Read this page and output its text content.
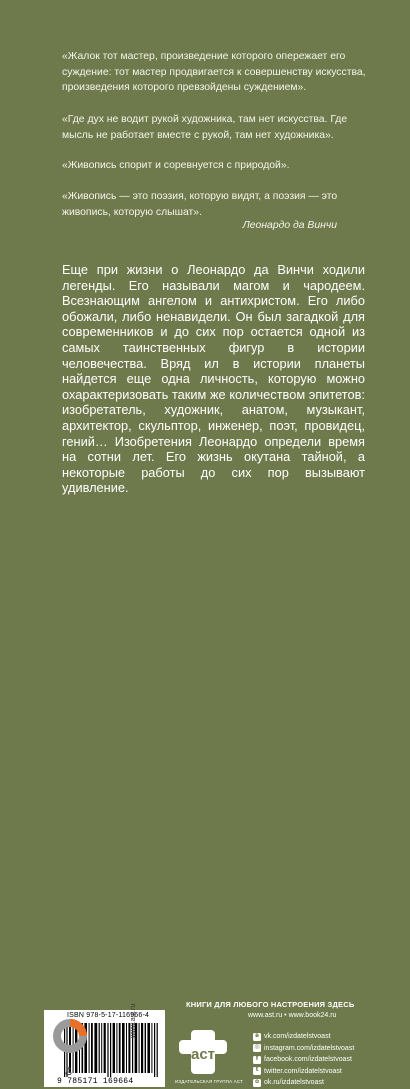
«Жалок тот мастер, произведение которого опережает его суждение: тот мастер продвигается к совершенству искусства, произведения которого превзойдены суждением».

«Где дух не водит рукой художника, там нет искусства. Где мысль не работает вместе с рукой, там нет художника».

«Живопись спорит и соревнуется с природой».

«Живопись — это поэзия, которую видят, а поэзия — это живопись, которую слышат».

Леонардо да Винчи

Еще при жизни о Леонардо да Винчи ходили легенды. Его называли магом и чародеем. Всезнающим ангелом и антихристом. Его либо обожали, либо ненавидели. Он был загадкой для современников и до сих пор остается одной из самых таинственных фигур в истории человечества. Вряд ил в истории планеты найдется еще одна личность, которую можно охарактеризовать таким же количеством эпитетов: изобретатель, художник, анатом, музыкант, архитектор, скульптор, инженер, поэт, провидец, гений… Изобретения Леонардо определи время на сотни лет. Его жизнь окутана тайной, а некоторые работы до сих пор вызывают удивление.

ISBN 978-5-17-116966-4
9 785171 169664
0+
www.ast.ru	КНИГИ ДЛЯ ЛЮБОГО НАСТРОЕНИЯ ЗДЕСЬ
www.ast.ru • www.book24.ru
аст
ИЗДАТЕЛЬСКАЯ ГРУППА АСТ
в vk.com/izdatelstvoast
◎ instagram.com/izdatelstvoast
f facebook.com/izdatelstvoast
t twitter.com/izdatelstvoast
о ok.ru/izdatelstvoast
